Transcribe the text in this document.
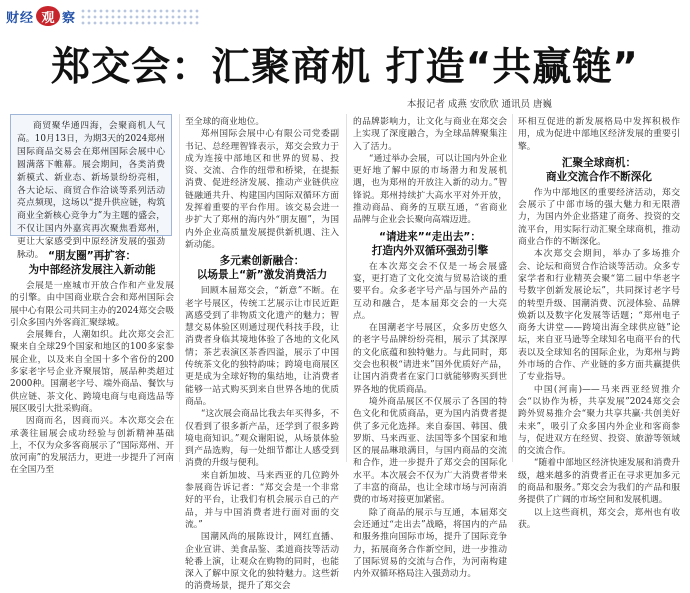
财经 观 察
郑交会：汇聚商机 打造“共赢链”
本报记者 成燕 安欣欣 通讯员 唐巍

商贸聚华通四海，会聚商机人气高。10月13日，为期3天的2024郑州国际商品交易会在郑州国际会展中心圆满落下帷幕。展会期间，各类消费新模式、新业态、新场景纷纷亮相，各大论坛、商贸合作洽谈等系列活动亮点频现，这场以“提升供应链，构筑商业全新核心竞争力”为主题的盛会，不仅让国内外嘉宾再次聚焦看郑州，更让大家感受到中原经济发展的强劲脉动。 “朋友圈”再扩容：
为中部经济发展注入新动能

会展是一座城市开放合作和产业发展的引擎。由中国商业联合会和郑州国际会展中心有限公司共同主办的2024郑交会吸引众多国内外客商汇聚绿城。

会展舞台，人潮如织。此次郑交会汇聚来自全球29个国家和地区的100多家参展企业，以及来自全国十多个省份的200多家老字号企业齐聚展馆，展品种类超过2000种。国潮老字号、端外商品、餐饮与供应链、茶文化、跨境电商与电商选品等展区吸引大批采购商。

因商而名，因商而兴。本次郑交会在承袭往届展会成功经验与创新精神基础上，不仅为众多客商展示了“国际郑州、开放河南”的发展活力，更进一步提升了河南在全国乃至

至全球的商业地位。

郑州国际会展中心有限公司党委副书记、总经理智锋表示，郑交会致力于成为连接中部地区和世界的贸易、投资、交流、合作的纽带和桥梁，在提振消费、促进经济发展、推动产业链供应链融通共升、构建国内国际双循环方面发挥着重要的平台作用。该交易会进一步扩大了郑州的海内外“朋友圈”，为国内外企业高质量发展提供新机遇、注入新动能。

多元素创新融合：
以场景上“新”激发消费活力

回顾本届郑交会，“新意”不断。在老字号展区，传统工艺展示让市民近距离感受到了非物质文化遗产的魅力；智慧交易体验区则通过现代科技手段，让消费者身临其境地体验了各地的文化风情；茶艺表演区茶香四溢，展示了中国传统茶文化的独特韵味；跨境电商展区更是成为全球好物的集结地，让消费者能够一站式购买到来自世界各地的优质商品。

“这次展会商品比我去年买得多，不仅看到了很多新产品，还学到了很多跨境电商知识。”观众谢阳说，从场景体验到产品选购，每一处细节都让人感受到消费的升级与便利。

来自新加坡、马来西亚的几位跨外参展商告诉记者：“郑交会是一个非常好的平台，让我们有机会展示自己的产品，并与中国消费者进行面对面的交流。”

国潮风尚的展陈设计，网红直播、企业宣讲、美食品鉴、柔道商技等活动轮番上演，让观众在购物的同时，也能深入了解中原文化的独特魅力。这些新的消费场景，提升了郑交会

的品牌影响力，让文化与商业在郑交会上实现了深度融合，为全球品牌聚集注入了活力。

“通过举办会展，可以让国内外企业更好地了解中原的市场潜力和发展机遇，也为郑州的开放注入新的动力。”智锋说。郑州持续扩大高水平对外开放，推动商品、商务的互联互通，“省商业品牌与企业会长聚向高端迈进。

“请进来”“走出去”：
打造内外双循环强劲引擎

在本次郑交会不仅是一场会展盛宴，更打造了文化交流与贸易洽谈的重要平台。众多老字号产品与国外产品的互动和融合，是本届郑交会的一大亮点。

在国潮老字号展区，众多历史悠久的老字号品牌纷纷亮相，展示了其深厚的文化底蕴和独特魅力。与此同时，郑交会也积极“请进来”国外优质好产品，让国内消费者在家门口就能够购买到世界各地的优质商品。

境外商品展区不仅展示了各国的特色文化和优质商品，更为国内消费者提供了多元化选择。来自泰国、韩国、俄罗斯、马来西亚、法国等多个国家和地区的展品琳琅满目，与国内商品的交流和合作，进一步提升了郑交会的国际化水平。本次展会不仅为广大消费者带来了丰富的商品，也让全球市场与河南消费的市场对接更加紧密。

除了商品的展示与互通，本届郑交会还通过“走出去”战略，将国内的产品和服务推向国际市场，提升了国际竞争力，拓展商务合作新空间，进一步推动了国际贸易的交流与合作，为河南构建内外双循环格局注入强劲动力。

环相互促进的新发展格局中发挥积极作用，成为促进中部地区经济发展的重要引擎。

汇聚全球商机：
商业交流合作不断深化

作为中部地区的重要经济活动，郑交会展示了中部市场的强大魅力和无限潜力，为国内外企业搭建了商务、投资的交流平台，用实际行动汇聚全球商机，推动商业合作的不断深化。

本次郑交会期间，举办了多场推介会、论坛和商贸合作洽谈等活动。众多专家学者和行业精英会聚“第二届中华老字号数字创新发展论坛”，共同探讨老字号的转型升级、国潮消费、沉浸体验、品牌焕新以及数字化发展等话题；“郑州电子商务大讲堂——跨境出海全球供应链”论坛，来自亚马逊等全球知名电商平台的代表以及全球知名的国际企业，为郑州与跨外市场的合作、产业链的多方面共赢提供了专业指导。

中国(河南)——马来西亚经贸推介会“以协作为桥，共享发展”2024郑交会跨外贸易推介会“聚力共享共赢·共创美好未来”，吸引了众多国内外企业和客商参与，促进双方在经贸、投资、旅游等领域的交流合作。

“随着中部地区经济快速发展和消费升级，越来越多的消费者正在寻求更加多元的商品和服务。”郑交会为我们的产品和服务提供了广阔的市场空间和发展机遇。

以上这些商机，郑交会，郑州也有收获。
